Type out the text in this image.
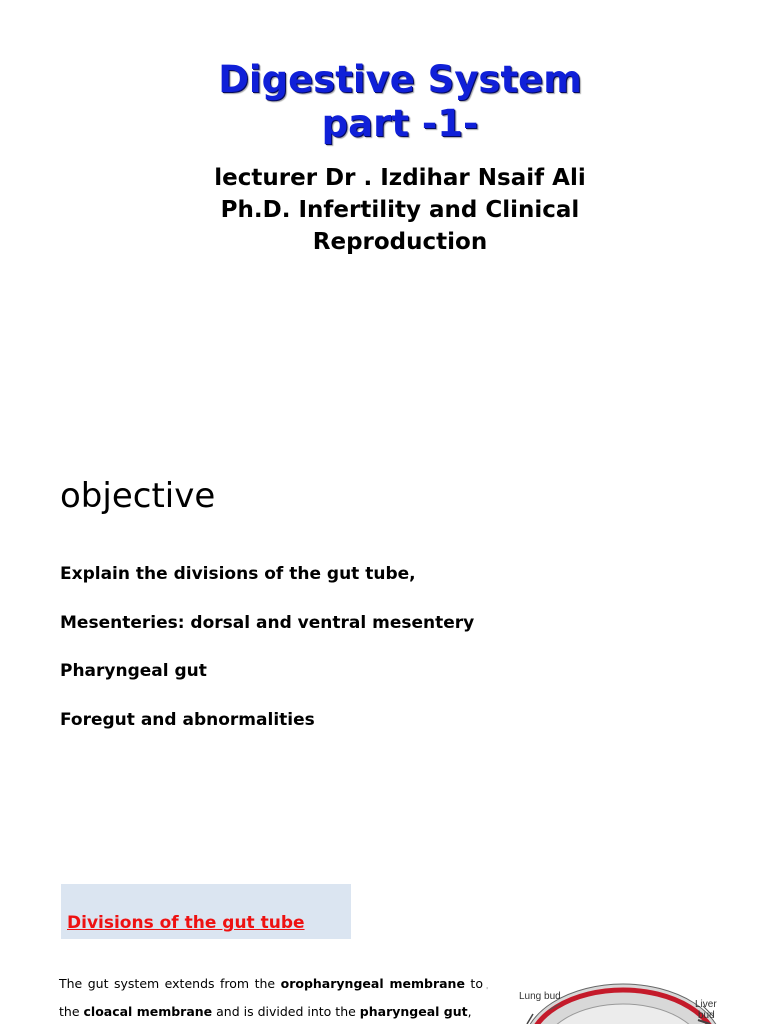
Digestive System
part -1-
lecturer Dr . Izdihar Nsaif Ali
Ph.D. Infertility and Clinical
Reproduction
objective
Explain the divisions of the gut tube,
Mesenteries: dorsal and ventral mesentery
Pharyngeal gut
Foregut and abnormalities
Divisions of the gut tube
The gut system extends from the oropharyngeal membrane to the cloacal membrane and is divided into the pharyngeal gut,
'
Lung bud
Liver
bud
